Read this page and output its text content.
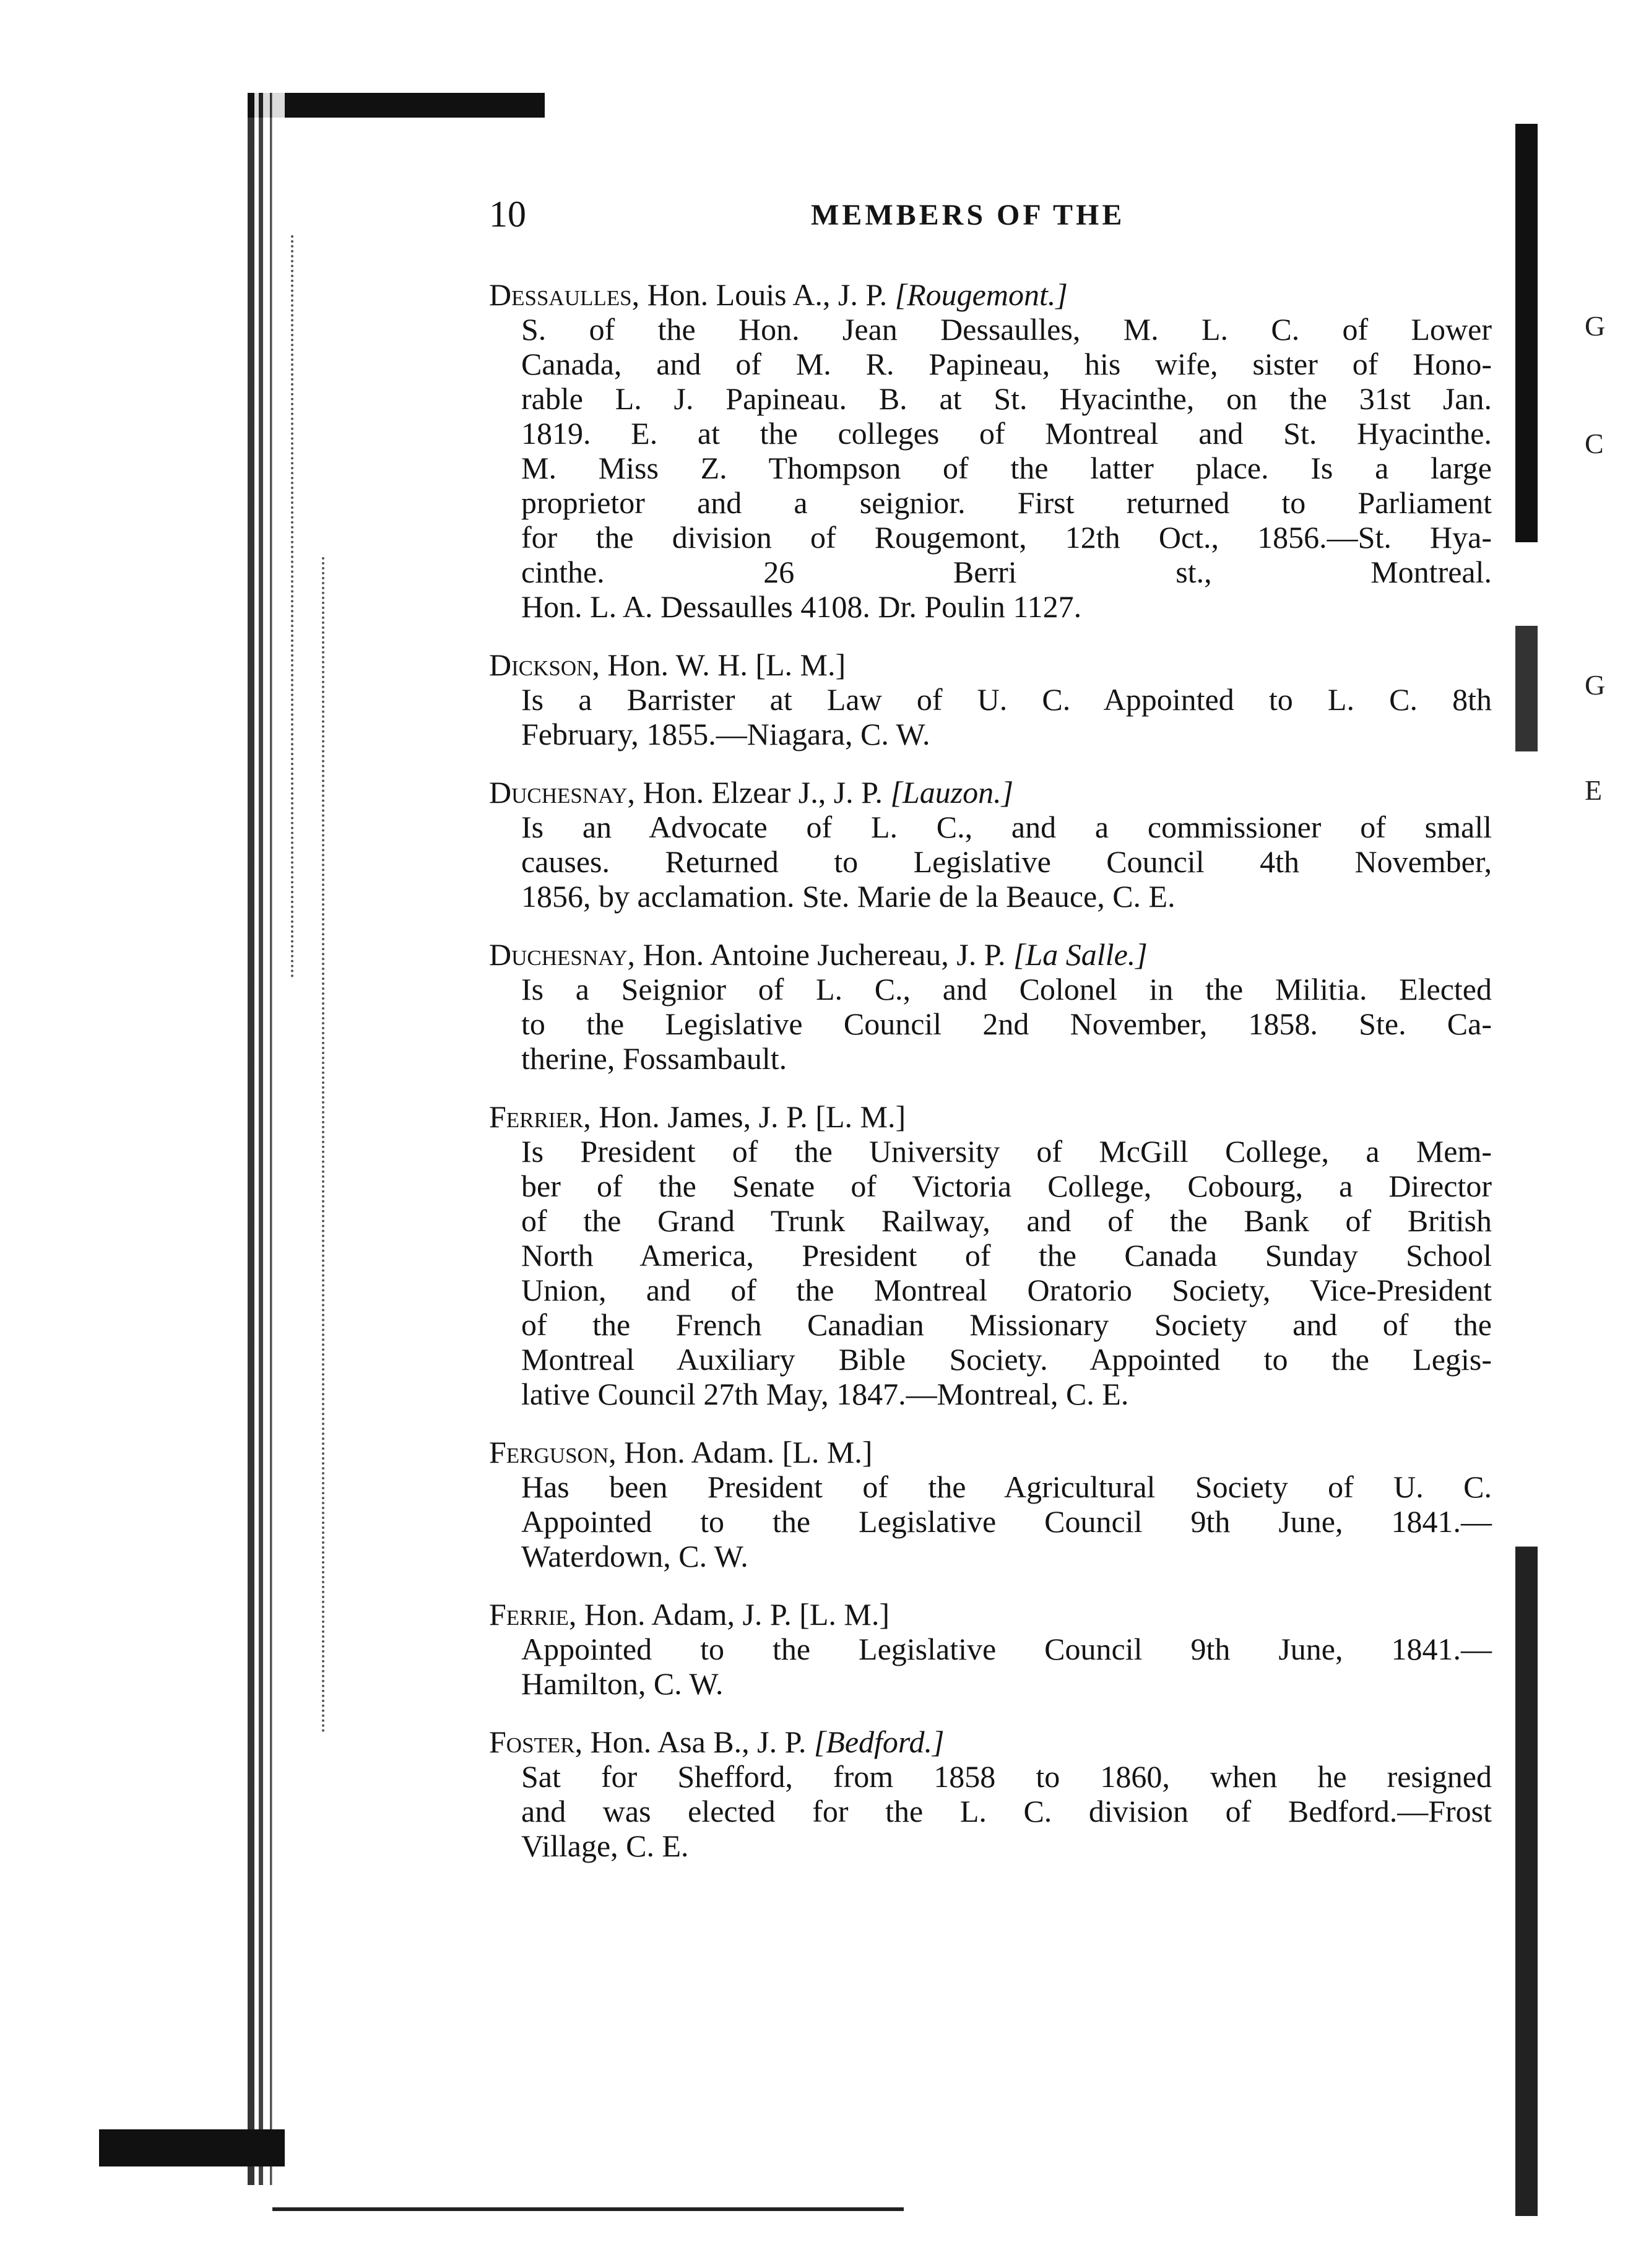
G
C
G
E
10	MEMBERS OF THE
Dessaulles, Hon. Louis A., J. P. [Rougemont.]
S. of the Hon. Jean Dessaulles, M. L. C. of Lower
Canada, and of M. R. Papineau, his wife, sister of Hono-
rable L. J. Papineau. B. at St. Hyacinthe, on the 31st Jan.
1819. E. at the colleges of Montreal and St. Hyacinthe.
M. Miss Z. Thompson of the latter place. Is a large
proprietor and a seignior. First returned to Parliament
for the division of Rougemont, 12th Oct., 1856.—St. Hya-
cinthe. 26 Berri st., Montreal.
Hon. L. A. Dessaulles 4108. Dr. Poulin 1127.
Dickson, Hon. W. H. [L. M.]
Is a Barrister at Law of U. C. Appointed to L. C. 8th
February, 1855.—Niagara, C. W.
Duchesnay, Hon. Elzear J., J. P. [Lauzon.]
Is an Advocate of L. C., and a commissioner of small
causes. Returned to Legislative Council 4th November,
1856, by acclamation. Ste. Marie de la Beauce, C. E.
Duchesnay, Hon. Antoine Juchereau, J. P. [La Salle.]
Is a Seignior of L. C., and Colonel in the Militia. Elected
to the Legislative Council 2nd November, 1858. Ste. Ca-
therine, Fossambault.
Ferrier, Hon. James, J. P. [L. M.]
Is President of the University of McGill College, a Mem-
ber of the Senate of Victoria College, Cobourg, a Director
of the Grand Trunk Railway, and of the Bank of British
North America, President of the Canada Sunday School
Union, and of the Montreal Oratorio Society, Vice-President
of the French Canadian Missionary Society and of the
Montreal Auxiliary Bible Society. Appointed to the Legis-
lative Council 27th May, 1847.—Montreal, C. E.
Ferguson, Hon. Adam. [L. M.]
Has been President of the Agricultural Society of U. C.
Appointed to the Legislative Council 9th June, 1841.—
Waterdown, C. W.
Ferrie, Hon. Adam, J. P. [L. M.]
Appointed to the Legislative Council 9th June, 1841.—
Hamilton, C. W.
Foster, Hon. Asa B., J. P. [Bedford.]
Sat for Shefford, from 1858 to 1860, when he resigned
and was elected for the L. C. division of Bedford.—Frost
Village, C. E.
